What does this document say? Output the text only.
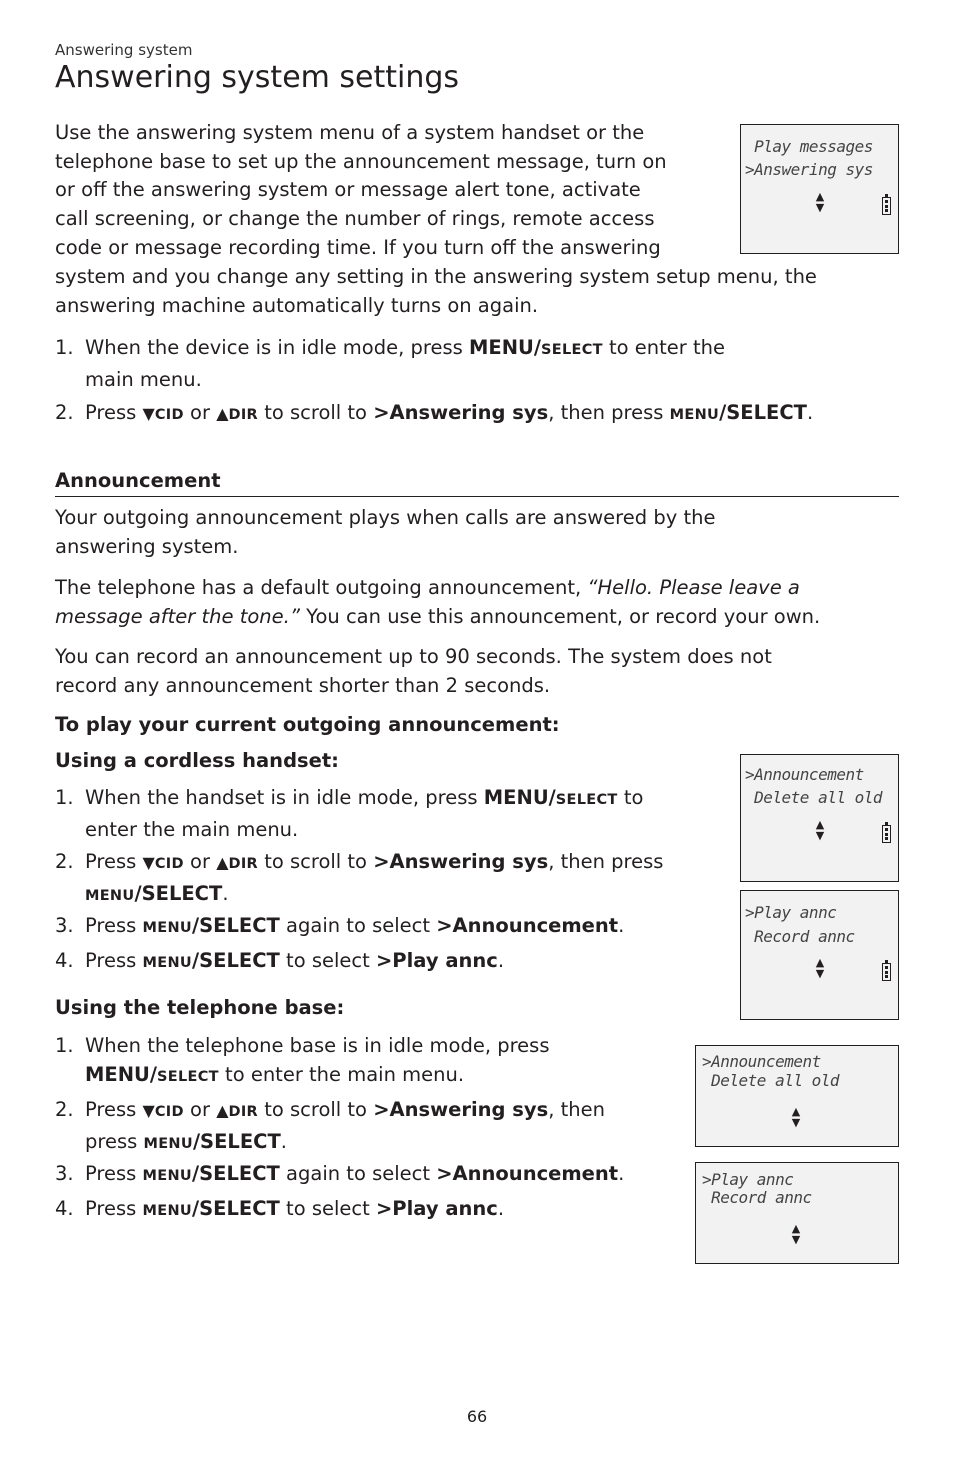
Answering system
Answering system settings
Use the answering system menu of a system handset or the
telephone base to set up the announcement message, turn on
or off the answering system or message alert tone, activate
call screening, or change the number of rings, remote access
code or message recording time. If you turn off the answering
system and you change any setting in the answering system setup menu, the
answering machine automatically turns on again.
Play messages
>Answering sys
▲
▼
1. When the device is in idle mode, press MENU/SELECT to enter the
main menu.
2. Press ▼CID or ▲DIR to scroll to >Answering sys, then press MENU/SELECT.
Announcement
Your outgoing announcement plays when calls are answered by the
answering system.
The telephone has a default outgoing announcement, “Hello. Please leave a
message after the tone.” You can use this announcement, or record your own.
You can record an announcement up to 90 seconds. The system does not
record any announcement shorter than 2 seconds.
To play your current outgoing announcement:
Using a cordless handset:
1. When the handset is in idle mode, press MENU/SELECT to
enter the main menu.
2. Press ▼CID or ▲DIR to scroll to >Answering sys, then press
MENU/SELECT.
3. Press MENU/SELECT again to select >Announcement.
4. Press MENU/SELECT to select >Play annc.
>Announcement
Delete all old
▲
▼
>Play annc
Record annc
▲
▼
Using the telephone base:
1. When the telephone base is in idle mode, press
MENU/SELECT to enter the main menu.
2. Press ▼CID or ▲DIR to scroll to >Answering sys, then
press MENU/SELECT.
3. Press MENU/SELECT again to select >Announcement.
4. Press MENU/SELECT to select >Play annc.
>Announcement
Delete all old
▲
▼
>Play annc
Record annc
▲
▼
66
